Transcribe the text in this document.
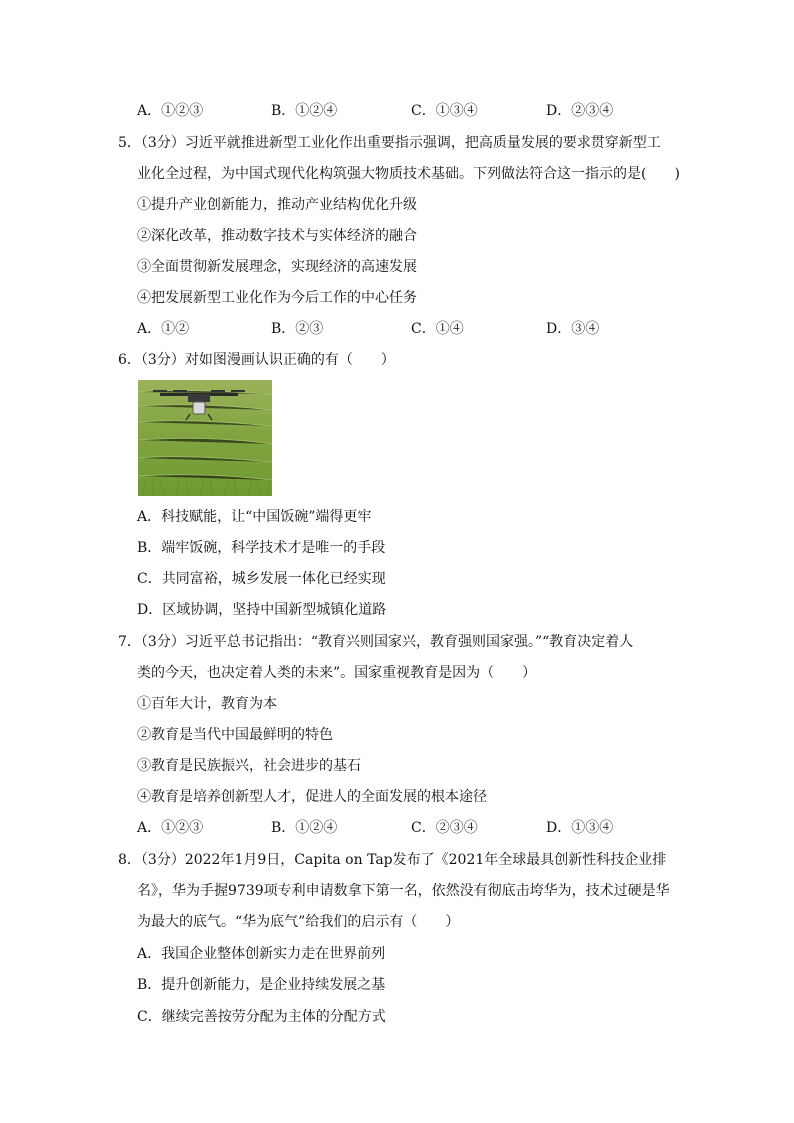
A．①②③	B．①②④	C．①③④	D．②③④
5．（3分）习近平就推进新型工业化作出重要指示强调，把高质量发展的要求贯穿新型工
业化全过程，为中国式现代化构筑强大物质技术基础。下列做法符合这一指示的是(　　)
①提升产业创新能力，推动产业结构优化升级
②深化改革，推动数字技术与实体经济的融合
③全面贯彻新发展理念，实现经济的高速发展
④把发展新型工业化作为今后工作的中心任务
A．①②	B．②③	C．①④	D．③④
6．（3分）对如图漫画认识正确的有（　　）
A．科技赋能，让“中国饭碗”端得更牢
B．端牢饭碗，科学技术才是唯一的手段
C．共同富裕，城乡发展一体化已经实现
D．区域协调，坚持中国新型城镇化道路
7．（3分）习近平总书记指出：“教育兴则国家兴，教育强则国家强。”“教育决定着人
类的今天，也决定着人类的未来”。国家重视教育是因为（　　）
①百年大计，教育为本
②教育是当代中国最鲜明的特色
③教育是民族振兴，社会进步的基石
④教育是培养创新型人才，促进人的全面发展的根本途径
A．①②③	B．①②④	C．②③④	D．①③④
8．（3分）2022年1月9日，Capita on Tap发布了《2021年全球最具创新性科技企业排
名》，华为手握9739项专利申请数拿下第一名，依然没有彻底击垮华为，技术过硬是华
为最大的底气。“华为底气”给我们的启示有（　　）
A．我国企业整体创新实力走在世界前列
B．提升创新能力，是企业持续发展之基
C．继续完善按劳分配为主体的分配方式
